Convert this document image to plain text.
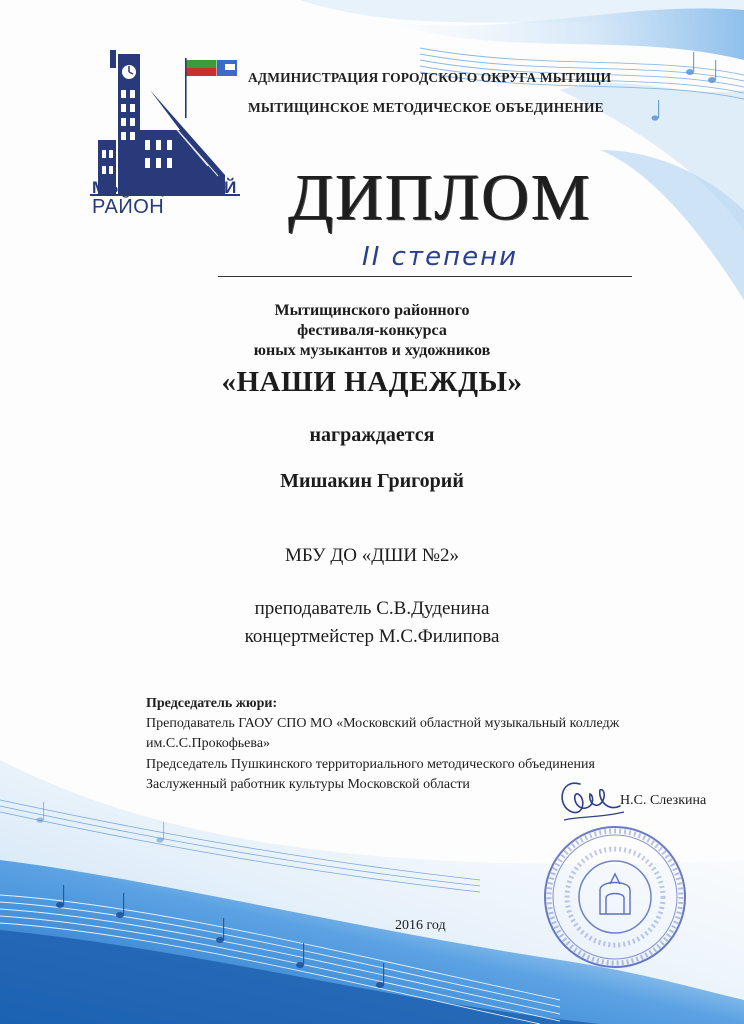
МЫТИЩИНСКИЙ
РАЙОН
АДМИНИСТРАЦИЯ ГОРОДСКОГО ОКРУГА МЫТИЩИ
МЫТИЩИНСКОЕ МЕТОДИЧЕСКОЕ ОБЪЕДИНЕНИЕ
ДИПЛОМ
II степени
Мытищинского районного
фестиваля-конкурса
юных музыкантов и художников
«НАШИ НАДЕЖДЫ»
награждается
Мишакин Григорий
МБУ ДО «ДШИ №2»
преподаватель С.В.Дуденина
концертмейстер М.С.Филипова
Председатель жюри:
Преподаватель ГАОУ СПО МО «Московский областной музыкальный колледж
им.С.С.Прокофьева»
Председатель Пушкинского территориального методического объединения
Заслуженный работник культуры Московской области
Н.С. Слезкина
2016 год
